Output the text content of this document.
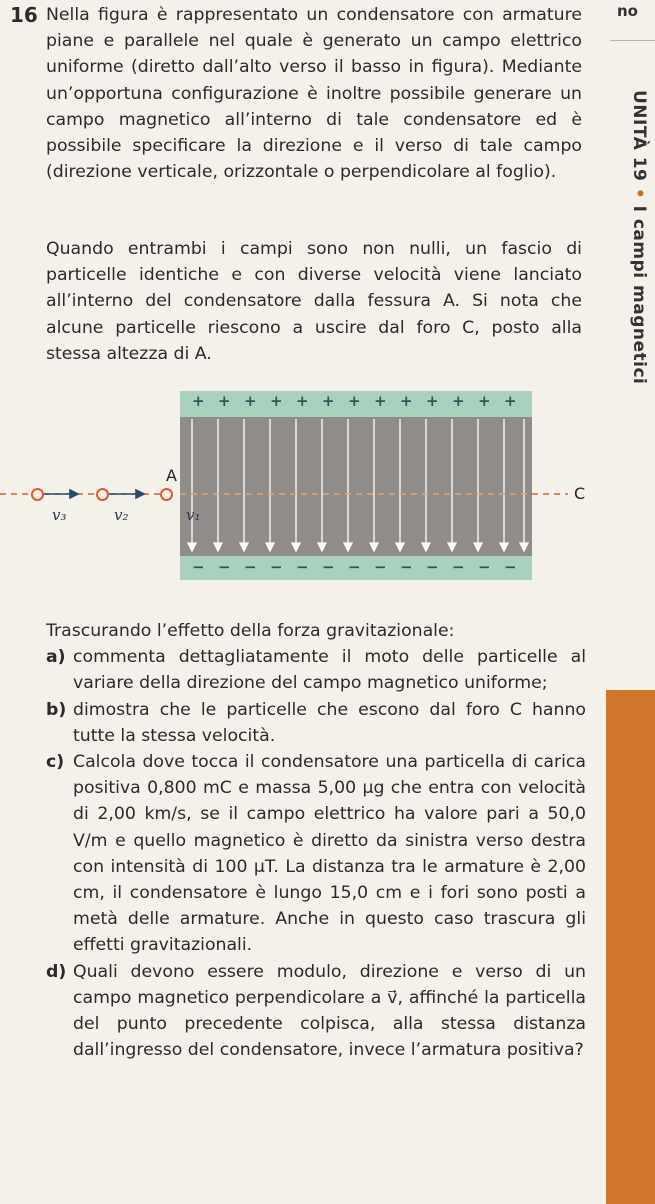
16 Nella figura è rappresentato un condensatore con armature piane e parallele nel quale è generato un campo elettrico uniforme (diretto dall’alto verso il basso in figura). Mediante un’opportuna configurazione è inoltre possibile generare un campo magnetico all’interno di tale condensatore ed è possibile specificare la direzione e il verso di tale campo (direzione verticale, orizzontale o perpendicolare al foglio).
Quando entrambi i campi sono non nulli, un fascio di particelle identiche e con diverse velocità viene lanciato all’interno del condensatore dalla fessura A. Si nota che alcune particelle riescono a uscire dal foro C, posto alla stessa altezza di A.
no
UNITÀ 19 • I campi magnetici
+ + + + + + + + + + + + +
− − − − − − − − − − − − −
v₃	v₂	v₁
A
C

Trascurando l’effetto della forza gravitazionale:

a) commenta dettagliatamente il moto delle particelle al variare della direzione del campo magnetico uniforme;

b) dimostra che le particelle che escono dal foro C hanno tutte la stessa velocità.

c) Calcola dove tocca il condensatore una particella di carica positiva 0,800 mC e massa 5,00 μg che entra con velocità di 2,00 km/s, se il campo elettrico ha valore pari a 50,0 V/m e quello magnetico è diretto da sinistra verso destra con intensità di 100 μT. La distanza tra le armature è 2,00 cm, il condensatore è lungo 15,0 cm e i fori sono posti a metà delle armature. Anche in questo caso trascura gli effetti gravitazionali.

d) Quali devono essere modulo, direzione e verso di un campo magnetico perpendicolare a v⃗, affinché la particella del punto precedente colpisca, alla stessa distanza dall’ingresso del condensatore, invece l’armatura positiva?
